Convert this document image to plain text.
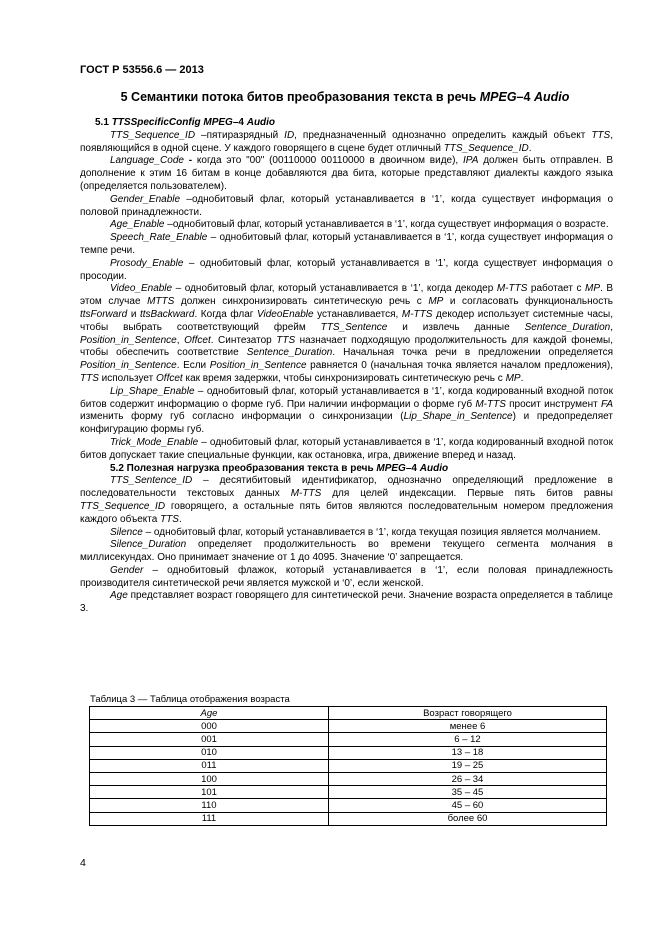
ГОСТ Р 53556.6 — 2013
5 Семантики потока битов преобразования текста в речь MPEG–4 Audio
5.1 TTSSpecificConfig MPEG–4 Audio

TTS_Sequence_ID –пятиразрядный ID, предназначенный однозначно определить каждый объект TTS, появляющийся в одной сцене. У каждого говорящего в сцене будет отличный TTS_Sequence_ID.

Language_Code - когда это "00" (00110000 00110000 в двоичном виде), IPA должен быть отправлен. В дополнение к этим 16 битам в конце добавляются два бита, которые представляют диалекты каждого языка (определяется пользователем).

Gender_Enable –однобитовый флаг, который устанавливается в ‘1’, когда существует информация о половой принадлежности.

Age_Enable –однобитовый флаг, который устанавливается в ‘1’, когда существует информация о возрасте.

Speech_Rate_Enable – однобитовый флаг, который устанавливается в ‘1’, когда существует информация о темпе речи.

Prosody_Enable – однобитовый флаг, который устанавливается в ‘1’, когда существует информация о просодии.

Video_Enable – однобитовый флаг, который устанавливается в ‘1’, когда декодер M-TTS работает с MP. В этом случае MTTS должен синхронизировать синтетическую речь с MP и согласовать функциональность ttsForward и ttsBackward. Когда флаг VideoEnable устанавливается, M-TTS декодер использует системные часы, чтобы выбрать соответствующий фрейм TTS_Sentence и извлечь данные Sentence_Duration, Position_in_Sentence, Offcet. Синтезатор TTS назначает подходящую продолжительность для каждой фонемы, чтобы обеспечить соответствие Sentence_Duration. Начальная точка речи в предложении определяется Position_in_Sentence. Если Position_in_Sentence равняется 0 (начальная точка является началом предложения), TTS использует Offcet как время задержки, чтобы синхронизировать синтетическую речь с MP.

Lip_Shape_Enable – однобитовый флаг, который устанавливается в ‘1’, когда кодированный входной поток битов содержит информацию о форме губ. При наличии информации о форме губ M-TTS просит инструмент FA изменить форму губ согласно информации о синхронизации (Lip_Shape_in_Sentence) и предопределяет конфигурацию формы губ.

Trick_Mode_Enable – однобитовый флаг, который устанавливается в ‘1’, когда кодированный входной поток битов допускает такие специальные функции, как остановка, игра, движение вперед и назад.

5.2 Полезная нагрузка преобразования текста в речь MPEG–4 Audio

TTS_Sentence_ID – десятибитовый идентификатор, однозначно определяющий предложение в последовательности текстовых данных M-TTS для целей индексации. Первые пять битов равны TTS_Sequence_ID говорящего, а остальные пять битов являются последовательным номером предложения каждого объекта TTS.

Silence – однобитовый флаг, который устанавливается в ‘1’, когда текущая позиция является молчанием.

Silence_Duration определяет продолжительность во времени текущего сегмента молчания в миллисекундах. Оно принимает значение от 1 до 4095. Значение ‘0’ запрещается.

Gender – однобитовый флажок, который устанавливается в ‘1’, если половая принадлежность производителя синтетической речи является мужской и ‘0’, если женской.

Age представляет возраст говорящего для синтетической речи. Значение возраста определяется в таблице 3.

Таблица 3 — Таблица отображения возраста
Age	Возраст говорящего
000	менее 6
001	6 – 12
010	13 – 18
011	19 – 25
100	26 – 34
101	35 – 45
110	45 – 60
111	более 60
4
